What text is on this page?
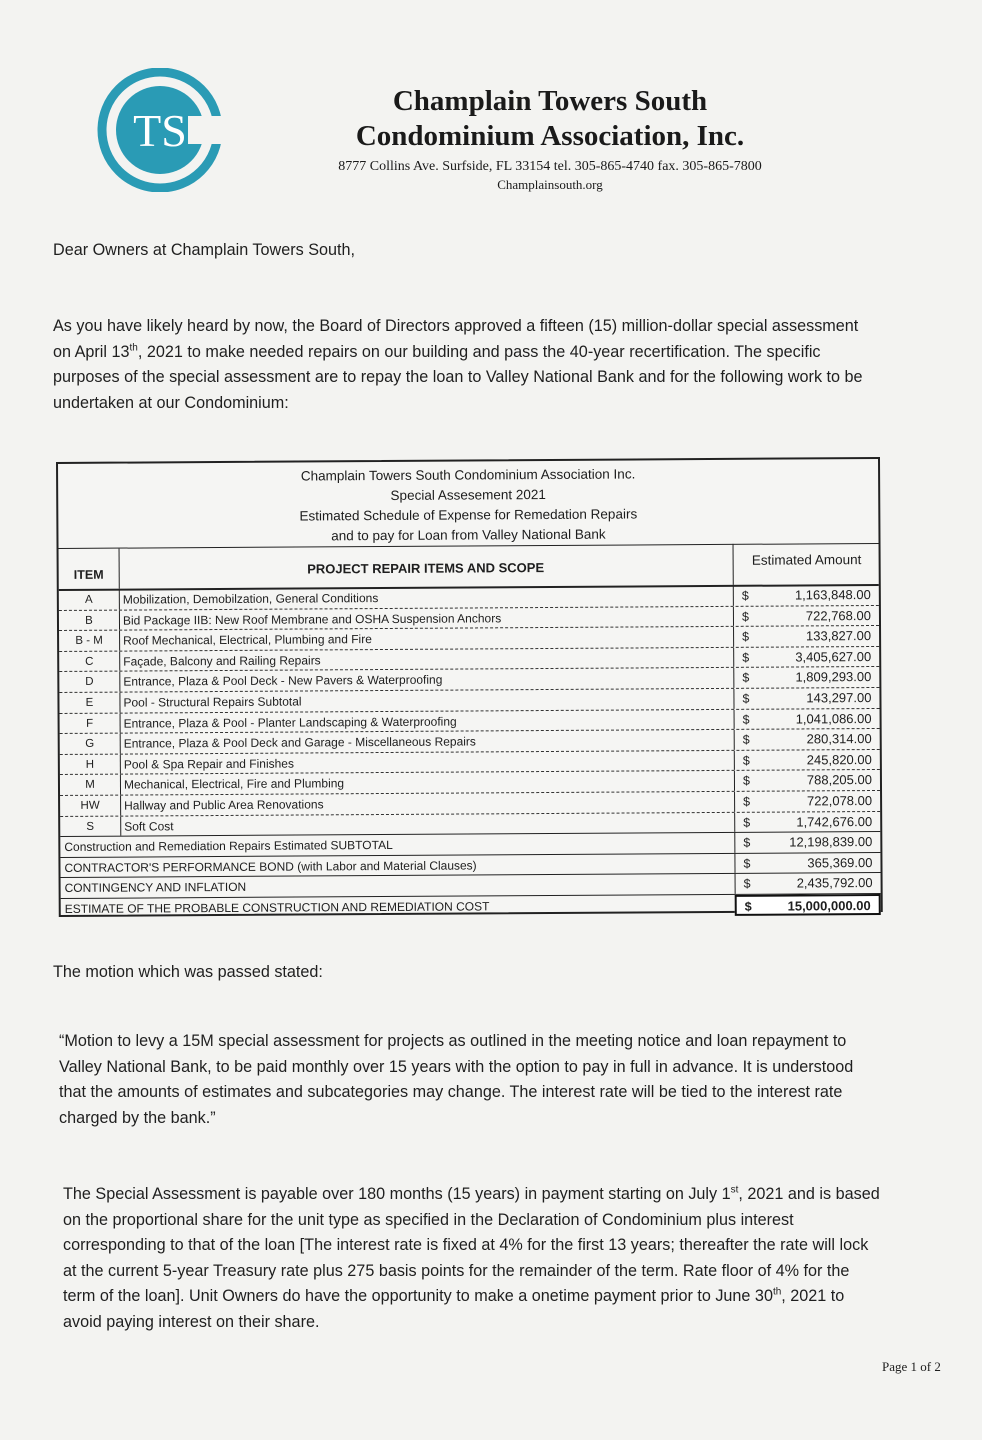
TS
Champlain Towers South
Condominium Association, Inc.
8777 Collins Ave. Surfside, FL 33154 tel. 305-865-4740 fax. 305-865-7800
Champlainsouth.org
Dear Owners at Champlain Towers South,

As you have likely heard by now, the Board of Directors approved a fifteen (15) million-dollar special assessment on April 13th, 2021 to make needed repairs on our building and pass the 40-year recertification. The specific purposes of the special assessment are to repay the loan to Valley National Bank and for the following work to be undertaken at our Condominium:

Champlain Towers South Condominium Association Inc.
Special Assesement 2021
Estimated Schedule of Expense for Remedation Repairs
and to pay for Loan from Valley National Bank
ITEM	PROJECT REPAIR ITEMS AND SCOPE
Estimated Amount
A	Mobilization, Demobilzation, General Conditions	$	1,163,848.00
B	Bid Package IIB: New Roof Membrane and OSHA Suspension Anchors	$	722,768.00
B - M	Roof Mechanical, Electrical, Plumbing and Fire	$	133,827.00
C	Façade, Balcony and Railing Repairs	$	3,405,627.00
D	Entrance, Plaza & Pool Deck - New Pavers & Waterproofing	$	1,809,293.00
E	Pool - Structural Repairs Subtotal	$	143,297.00
F	Entrance, Plaza & Pool - Planter Landscaping & Waterproofing	$	1,041,086.00
G	Entrance, Plaza & Pool Deck and Garage - Miscellaneous Repairs	$	280,314.00
H	Pool & Spa Repair and Finishes	$	245,820.00
M	Mechanical, Electrical, Fire and Plumbing	$	788,205.00
HW	Hallway and Public Area Renovations	$	722,078.00
S	Soft Cost	$	1,742,676.00
Construction and Remediation Repairs Estimated SUBTOTAL	$	12,198,839.00
CONTRACTOR'S PERFORMANCE BOND (with Labor and Material Clauses)	$	365,369.00
CONTINGENCY AND INFLATION	$	2,435,792.00
ESTIMATE OF THE PROBABLE CONSTRUCTION AND REMEDIATION COST	$	15,000,000.00
The motion which was passed stated:
“Motion to levy a 15M special assessment for projects as outlined in the meeting notice and loan repayment to Valley National Bank, to be paid monthly over 15 years with the option to pay in full in advance. It is understood that the amounts of estimates and subcategories may change. The interest rate will be tied to the interest rate charged by the bank.”

The Special Assessment is payable over 180 months (15 years) in payment starting on July 1st, 2021 and is based on the proportional share for the unit type as specified in the Declaration of Condominium plus interest corresponding to that of the loan [The interest rate is fixed at 4% for the first 13 years; thereafter the rate will lock at the current 5-year Treasury rate plus 275 basis points for the remainder of the term. Rate floor of 4% for the term of the loan]. Unit Owners do have the opportunity to make a onetime payment prior to June 30th, 2021 to avoid paying interest on their share.

Page 1 of 2
